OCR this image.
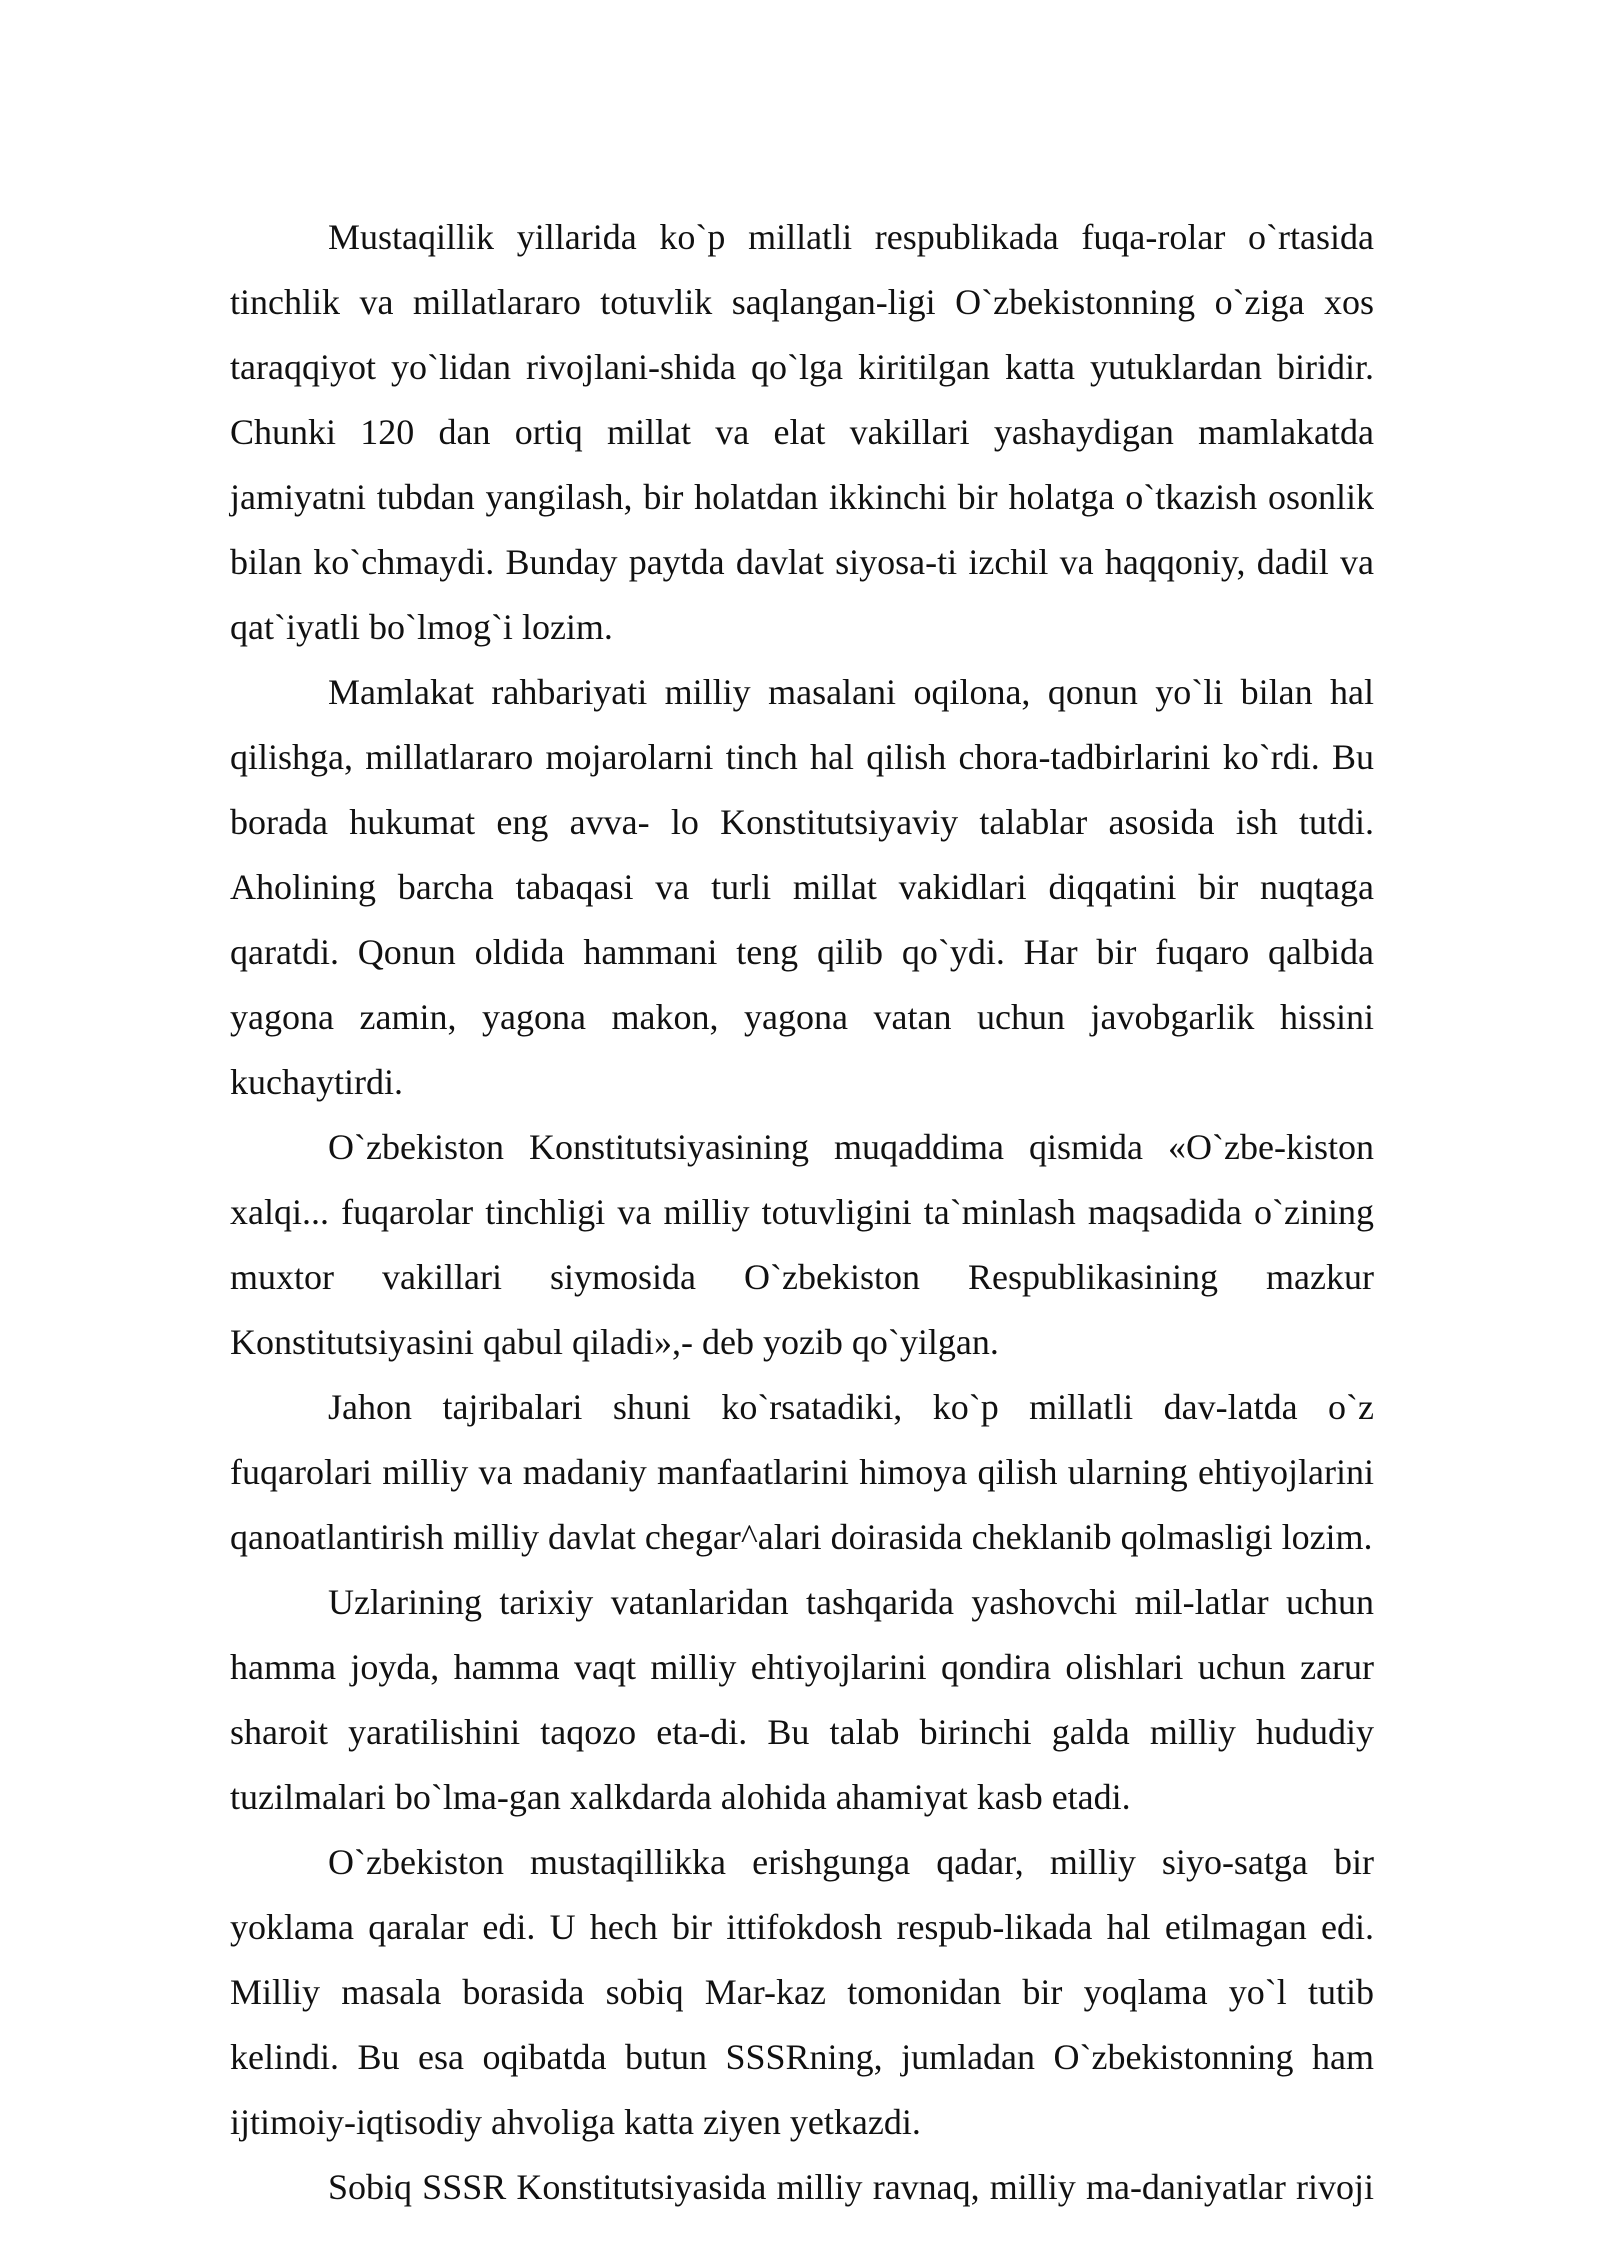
Mustaqillik yillarida ko`p millatli respublikada fuqa-rolar o`rtasida tinchlik va millatlararo totuvlik saqlangan-ligi O`zbekistonning o`ziga xos taraqqiyot yo`lidan rivojlani-shida qo`lga kiritilgan katta yutuklardan biridir. Chunki 120 dan ortiq millat va elat vakillari yashaydigan mamlakatda jamiyatni tubdan yangilash, bir holatdan ikkinchi bir holatga o`tkazish osonlik bilan ko`chmaydi. Bunday paytda davlat siyosa-ti izchil va haqqoniy, dadil va qat`iyatli bo`lmog`i lozim.

Mamlakat rahbariyati milliy masalani oqilona, qonun yo`li bilan hal qilishga, millatlararo mojarolarni tinch hal qilish chora-tadbirlarini ko`rdi. Bu borada hukumat eng avva- lo Konstitutsiyaviy talablar asosida ish tutdi. Aholining barcha tabaqasi va turli millat vakidlari diqqatini bir nuqtaga qaratdi. Qonun oldida hammani teng qilib qo`ydi. Har bir fuqaro qalbida yagona zamin, yagona makon, yagona vatan uchun javobgarlik hissini kuchaytirdi.

O`zbekiston Konstitutsiyasining muqaddima qismida «O`zbe-kiston xalqi... fuqarolar tinchligi va milliy totuvligini ta`minlash maqsadida o`zining muxtor vakillari siymosida O`zbekiston Respublikasining mazkur Konstitutsiyasini qabul qiladi»,- deb yozib qo`yilgan.

Jahon tajribalari shuni ko`rsatadiki, ko`p millatli dav-latda o`z fuqarolari milliy va madaniy manfaatlarini himoya qilish ularning ehtiyojlarini qanoatlantirish milliy davlat chegar^alari doirasida cheklanib qolmasligi lozim.

Uzlarining tarixiy vatanlaridan tashqarida yashovchi mil-latlar uchun hamma joyda, hamma vaqt milliy ehtiyojlarini qondira olishlari uchun zarur sharoit yaratilishini taqozo eta-di. Bu talab birinchi galda milliy hududiy tuzilmalari bo`lma-gan xalkdarda alohida ahamiyat kasb etadi.

O`zbekiston mustaqillikka erishgunga qadar, milliy siyo-satga bir yoklama qaralar edi. U hech bir ittifokdosh respub-likada hal etilmagan edi. Milliy masala borasida sobiq Mar-kaz tomonidan bir yoqlama yo`l tutib kelindi. Bu esa oqibatda butun SSSRning, jumladan O`zbekistonning ham ijtimoiy-iqtisodiy ahvoliga katta ziyen yetkazdi.

Sobiq SSSR Konstitutsiyasida milliy ravnaq, milliy ma-daniyatlar rivoji
